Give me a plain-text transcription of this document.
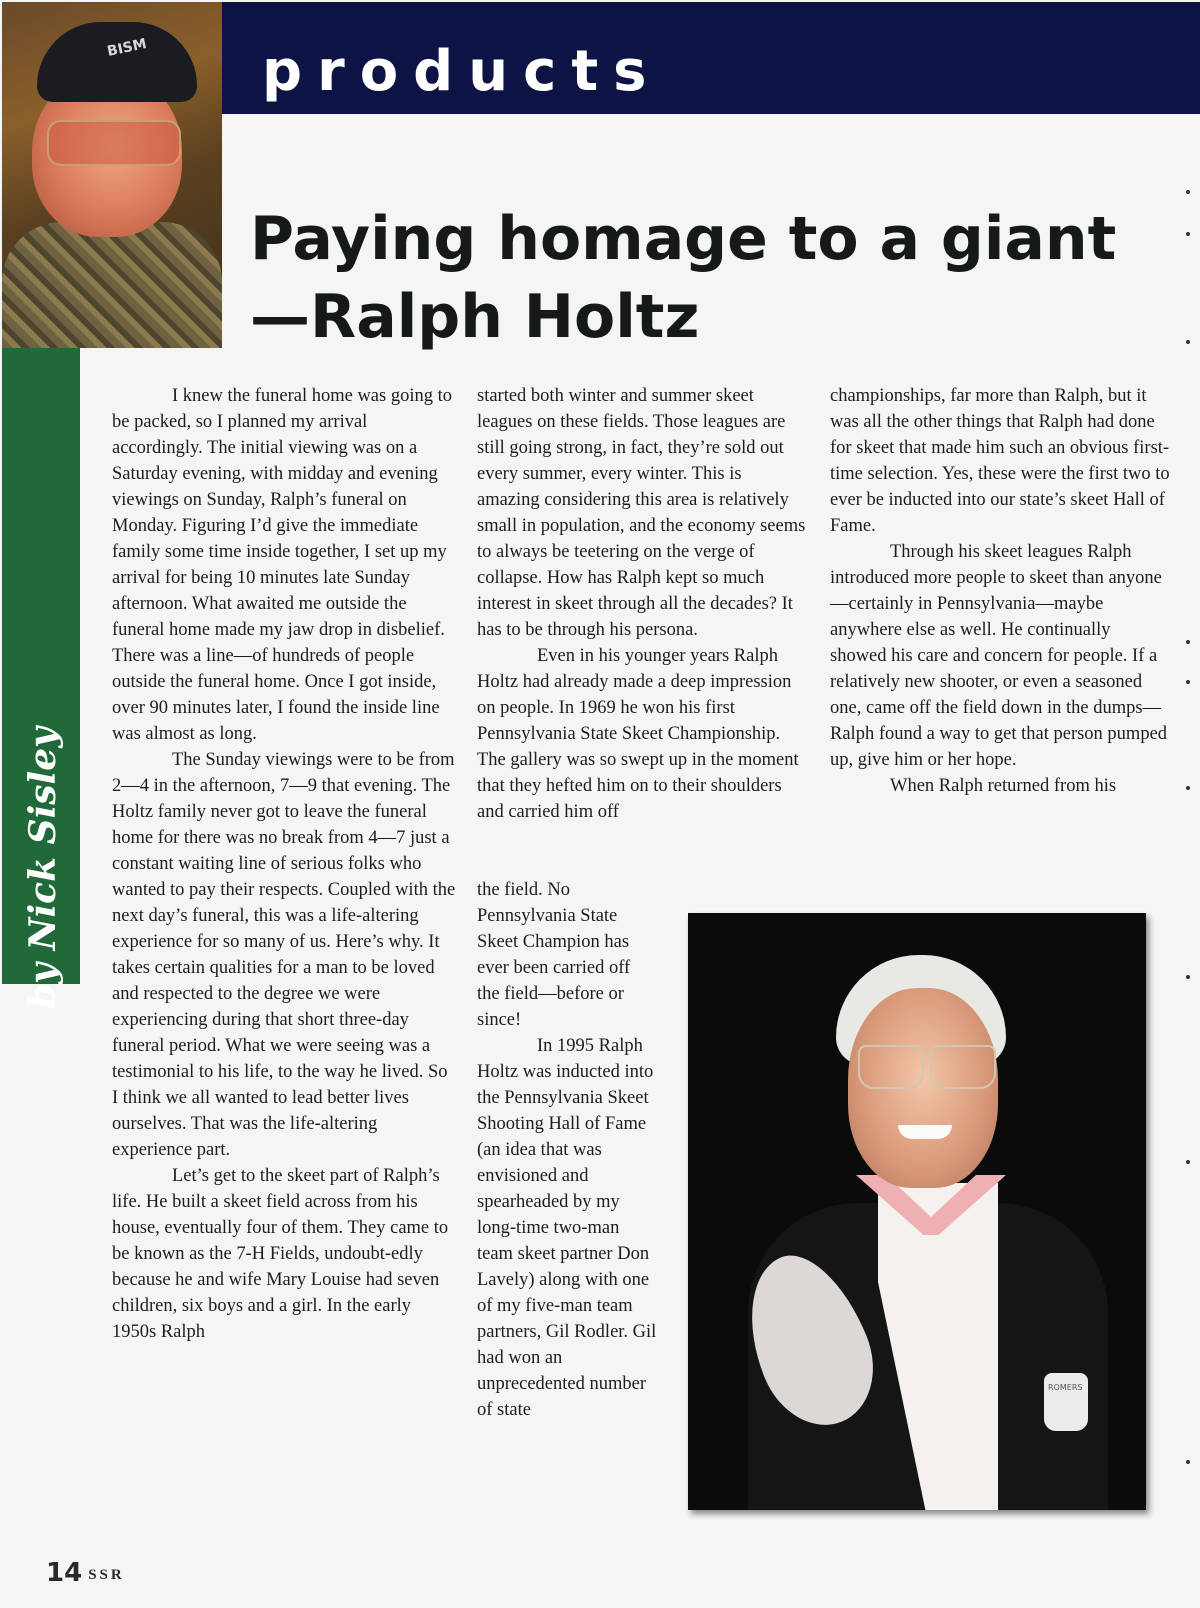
products
BISM
Paying homage to a giant—Ralph Holtz
by Nick Sisley

I knew the funeral home was going to be packed, so I planned my arrival accordingly. The initial viewing was on a Saturday evening, with midday and evening viewings on Sunday, Ralph’s funeral on Monday. Figuring I’d give the immediate family some time inside together, I set up my arrival for being 10 minutes late Sunday afternoon. What awaited me outside the funeral home made my jaw drop in disbelief. There was a line—of hundreds of people outside the funeral home. Once I got inside, over 90 minutes later, I found the inside line was almost as long.

The Sunday viewings were to be from 2—4 in the afternoon, 7—9 that evening. The Holtz family never got to leave the funeral home for there was no break from 4—7 just a constant waiting line of serious folks who wanted to pay their respects. Coupled with the next day’s funeral, this was a life-altering experience for so many of us. Here’s why. It takes certain qualities for a man to be loved and respected to the degree we were experiencing during that short three-day funeral period. What we were seeing was a testimonial to his life, to the way he lived. So I think we all wanted to lead better lives ourselves. That was the life-altering experience part.

Let’s get to the skeet part of Ralph’s life. He built a skeet field across from his house, eventually four of them. They came to be known as the 7-H Fields, undoubt-edly because he and wife Mary Louise had seven children, six boys and a girl. In the early 1950s Ralph

started both winter and summer skeet leagues on these fields. Those leagues are still going strong, in fact, they’re sold out every summer, every winter. This is amazing considering this area is relatively small in population, and the economy seems to always be teetering on the verge of collapse. How has Ralph kept so much interest in skeet through all the decades? It has to be through his persona.

Even in his younger years Ralph Holtz had already made a deep impression on people. In 1969 he won his first Pennsylvania State Skeet Championship. The gallery was so swept up in the moment that they hefted him on to their shoulders and carried him off

the field. No Pennsylvania State Skeet Champion has ever been carried off the field—before or since!

In 1995 Ralph Holtz was inducted into the Pennsylvania Skeet Shooting Hall of Fame (an idea that was envisioned and spearheaded by my long-time two-man team skeet partner Don Lavely) along with one of my five-man team partners, Gil Rodler. Gil had won an unprecedented number of state

championships, far more than Ralph, but it was all the other things that Ralph had done for skeet that made him such an obvious first-time selection. Yes, these were the first two to ever be inducted into our state’s skeet Hall of Fame.

Through his skeet leagues Ralph introduced more people to skeet than anyone—certainly in Pennsylvania—maybe anywhere else as well. He continually showed his care and concern for people. If a relatively new shooter, or even a seasoned one, came off the field down in the dumps—Ralph found a way to get that person pumped up, give him or her hope.

When Ralph returned from his

ROMERS
14 SSR
